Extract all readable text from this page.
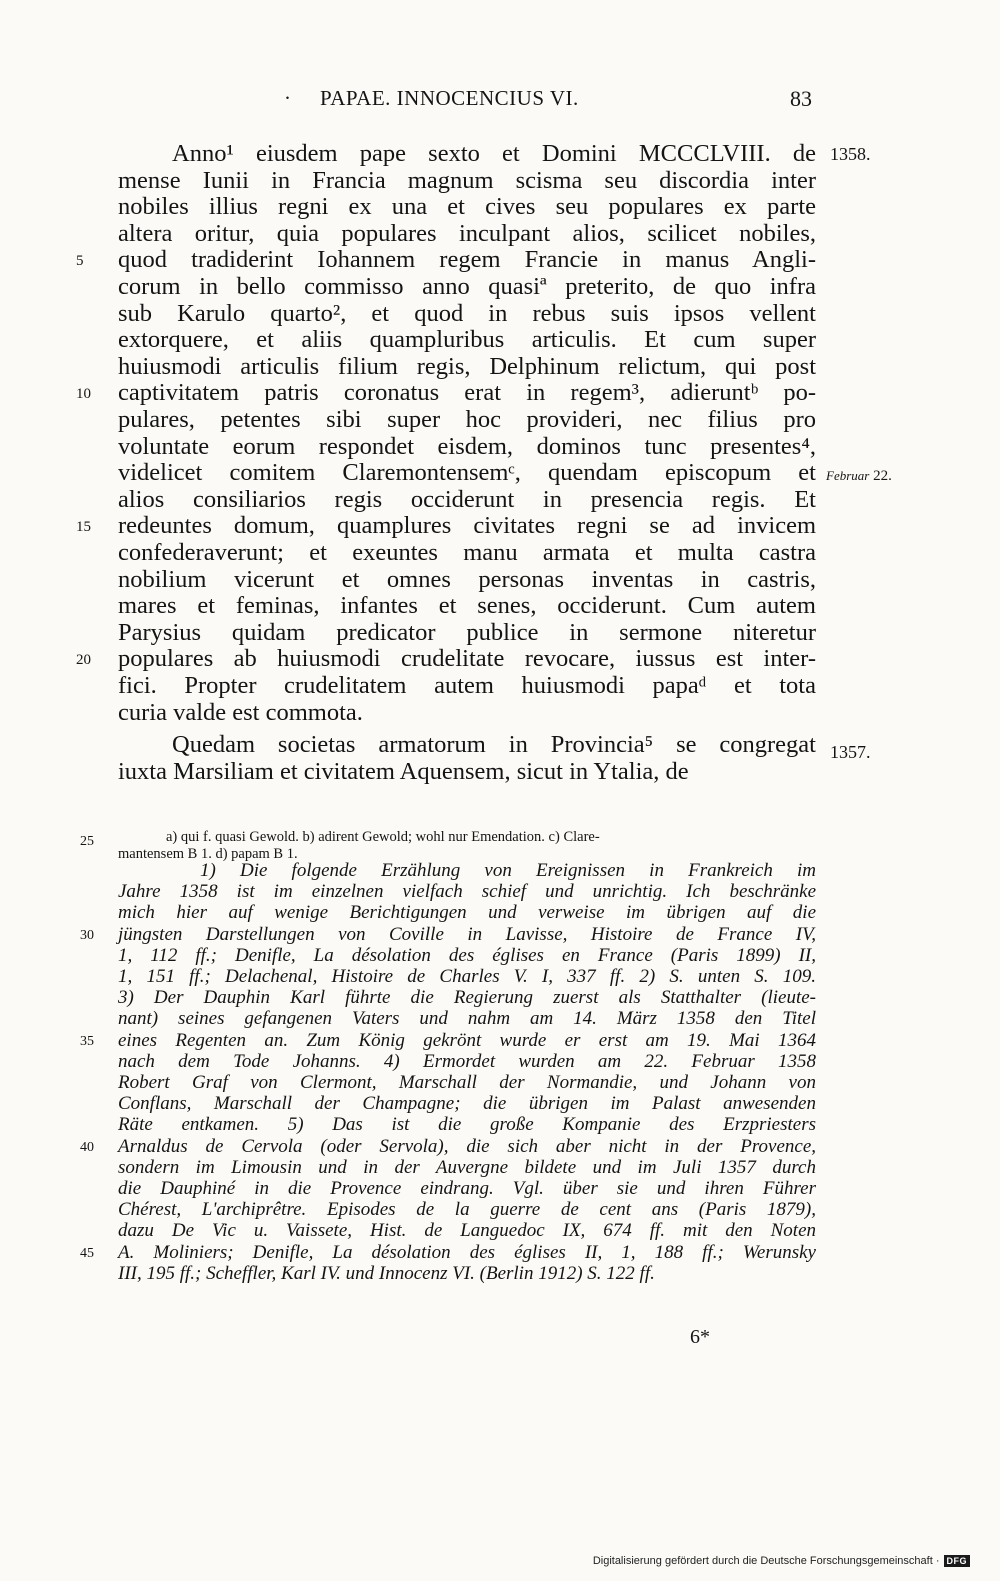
· PAPAE. INNOCENCIUS VI.	83
Anno¹ eiusdem pape sexto et Domini MCCCLVIII. de
mense Iunii in Francia magnum scisma seu discordia inter
nobiles illius regni ex una et cives seu populares ex parte
altera oritur, quia populares inculpant alios, scilicet nobiles,
quod tradiderint Iohannem regem Francie in manus Angli-
5
corum in bello commisso anno quasiª preterito, de quo infra
sub Karulo quarto², et quod in rebus suis ipsos vellent
extorquere, et aliis quampluribus articulis. Et cum super
huiusmodi articulis filium regis, Delphinum relictum, qui post
captivitatem patris coronatus erat in regem³, adieruntᵇ po-
10
pulares, petentes sibi super hoc provideri, nec filius pro
voluntate eorum respondet eisdem, dominos tunc presentes⁴,
videlicet comitem Claremontensemᶜ, quendam episcopum et
alios consiliarios regis occiderunt in presencia regis. Et
redeuntes domum, quamplures civitates regni se ad invicem
15
confederaverunt; et exeuntes manu armata et multa castra
nobilium vicerunt et omnes personas inventas in castris,
mares et feminas, infantes et senes, occiderunt. Cum autem
Parysius quidam predicator publice in sermone niteretur
populares ab huiusmodi crudelitate revocare, iussus est inter-
20
fici. Propter crudelitatem autem huiusmodi papaᵈ et tota
curia valde est commota.
Quedam societas armatorum in Provincia⁵ se congregat
iuxta Marsiliam et civitatem Aquensem, sicut in Ytalia, de
1358.
Februar 22.
1357.
25	a) qui f. quasi Gewold. b) adirent Gewold; wohl nur Emendation. c) Clare-
mantensem B 1. d) papam B 1.
1) Die folgende Erzählung von Ereignissen in Frankreich im
Jahre 1358 ist im einzelnen vielfach schief und unrichtig. Ich beschränke
mich hier auf wenige Berichtigungen und verweise im übrigen auf die
jüngsten Darstellungen von Coville in Lavisse, Histoire de France IV,
30
1, 112 ff.; Denifle, La désolation des églises en France (Paris 1899) II,
1, 151 ff.; Delachenal, Histoire de Charles V. I, 337 ff. 2) S. unten S. 109.
3) Der Dauphin Karl führte die Regierung zuerst als Statthalter (lieute-
nant) seines gefangenen Vaters und nahm am 14. März 1358 den Titel
eines Regenten an. Zum König gekrönt wurde er erst am 19. Mai 1364
35
nach dem Tode Johanns. 4) Ermordet wurden am 22. Februar 1358
Robert Graf von Clermont, Marschall der Normandie, und Johann von
Conflans, Marschall der Champagne; die übrigen im Palast anwesenden
Räte entkamen. 5) Das ist die große Kompanie des Erzpriesters
Arnaldus de Cervola (oder Servola), die sich aber nicht in der Provence,
40
sondern im Limousin und in der Auvergne bildete und im Juli 1357 durch
die Dauphiné in die Provence eindrang. Vgl. über sie und ihren Führer
Chérest, L'archiprêtre. Episodes de la guerre de cent ans (Paris 1879),
dazu De Vic u. Vaissete, Hist. de Languedoc IX, 674 ff. mit den Noten
A. Moliniers; Denifle, La désolation des églises II, 1, 188 ff.; Werunsky
45
III, 195 ff.; Scheffler, Karl IV. und Innocenz VI. (Berlin 1912) S. 122 ff.
6*
Digitalisierung gefördert durch die Deutsche Forschungsgemeinschaft · DFG
